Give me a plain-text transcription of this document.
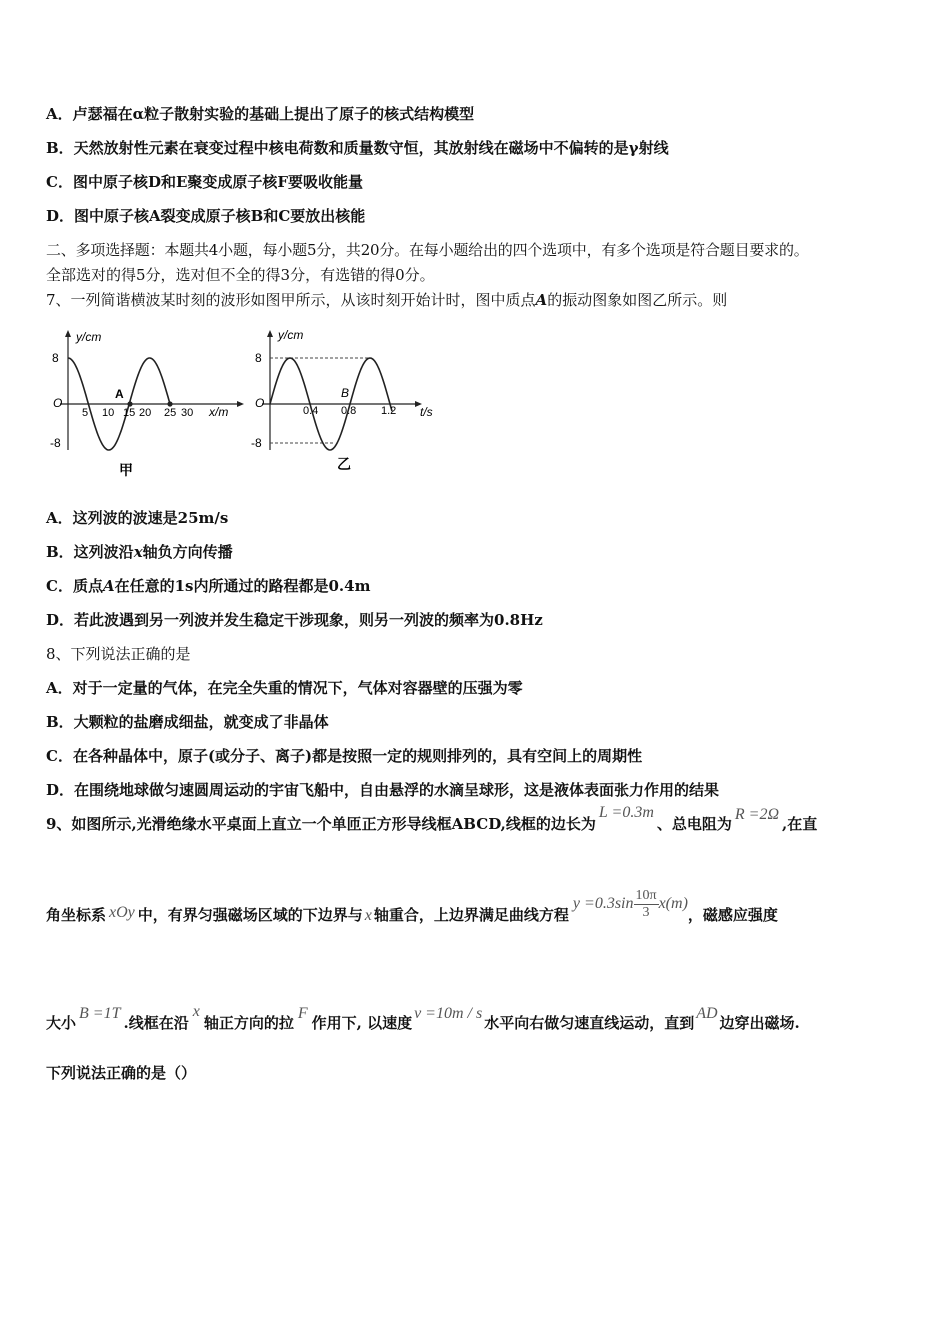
A．卢瑟福在α粒子散射实验的基础上提出了原子的核式结构模型
B．天然放射性元素在衰变过程中核电荷数和质量数守恒，其放射线在磁场中不偏转的是γ射线
C．图中原子核D和E聚变成原子核F要吸收能量
D．图中原子核A裂变成原子核B和C要放出核能
二、多项选择题：本题共4小题，每小题5分，共20分。在每小题给出的四个选项中，有多个选项是符合题目要求的。
全部选对的得5分，选对但不全的得3分，有选错的得0分。
7、一列简谐横波某时刻的波形如图甲所示，从该时刻开始计时，图中质点A的振动图象如图乙所示。则
y/cm
8
-8
O
5 10 15 20 25 30 x/m
A
甲
y/cm
8
-8
O
0.4 0.8 1.2 t/s
B
乙
A．这列波的波速是25m/s
B．这列波沿x轴负方向传播
C．质点A在任意的1s内所通过的路程都是0.4m
D．若此波遇到另一列波并发生稳定干涉现象，则另一列波的频率为0.8Hz
8、下列说法正确的是
A．对于一定量的气体，在完全失重的情况下，气体对容器壁的压强为零
B．大颗粒的盐磨成细盐，就变成了非晶体
C．在各种晶体中，原子(或分子、离子)都是按照一定的规则排列的，具有空间上的周期性
D．在围绕地球做匀速圆周运动的宇宙飞船中，自由悬浮的水滴呈球形，这是液体表面张力作用的结果
9、如图所示,光滑绝缘水平桌面上直立一个单匝正方形导线框ABCD,线框的边长为L =0.3m、总电阻为R =2Ω,在直
角坐标系 xOy 中，有界匀强磁场区域的下边界与 x 轴重合，上边界满足曲线方程$y =0.3\sin \frac{10\pi}{3} x(m)$，磁感应强度
大小B =1T.线框在沿x轴正方向的拉F作用下, 以速度v =10m / s水平向右做匀速直线运动，直到AD边穿出磁场.
下列说法正确的是（）
